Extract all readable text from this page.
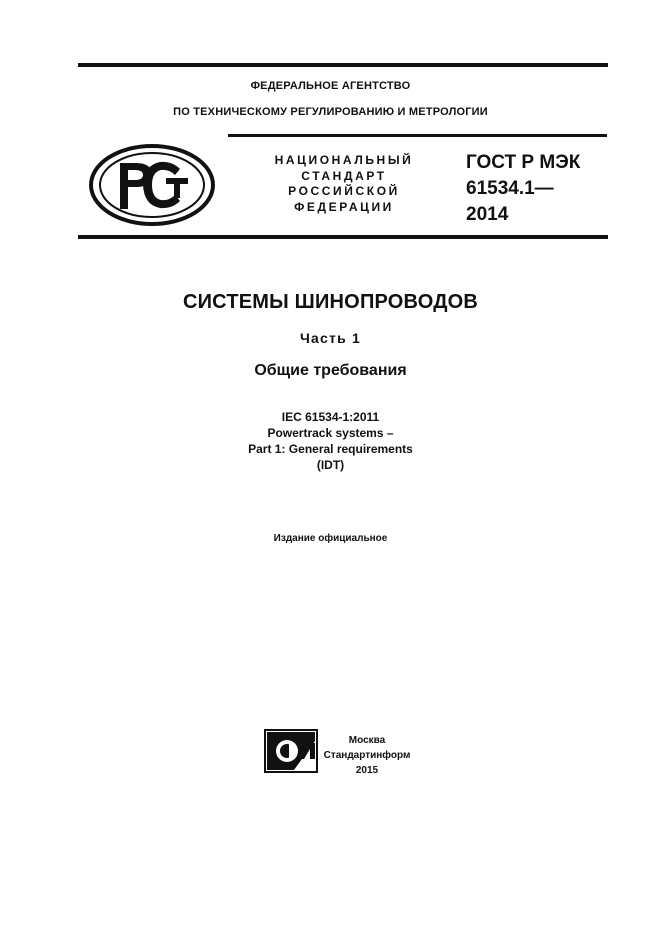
ФЕДЕРАЛЬНОЕ АГЕНТСТВО
ПО ТЕХНИЧЕСКОМУ РЕГУЛИРОВАНИЮ И МЕТРОЛОГИИ
НАЦИОНАЛЬНЫЙ
СТАНДАРТ
РОССИЙСКОЙ
ФЕДЕРАЦИИ
ГОСТ Р МЭК
61534.1—
2014
СИСТЕМЫ ШИНОПРОВОДОВ
Часть 1
Общие требования
IEC 61534-1:2011
Powertrack systems –
Part 1: General requirements
(IDT)
Издание официальное
Москва
Стандартинформ
2015
